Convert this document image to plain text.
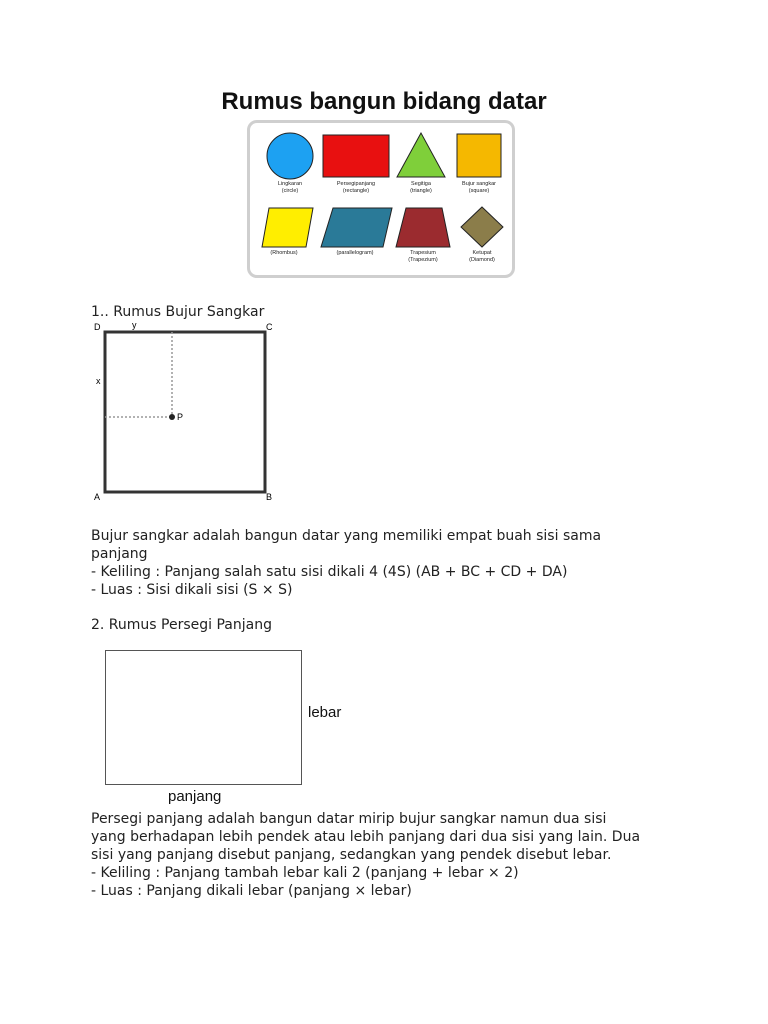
Rumus bangun bidang datar
Lingkaran
(circle)
Persegipanjang
(rectangle)
Segitiga
(triangle)
Bujur sangkar
(square)
(Rhombus)	(parallelogram)	Trapesium
(Trapezium)
Ketupat
(Diamond)
1.. Rumus Bujur Sangkar
D	C
A	B
y
x
P
Bujur sangkar adalah bangun datar yang memiliki empat buah sisi sama
panjang
- Keliling : Panjang salah satu sisi dikali 4 (4S) (AB + BC + CD + DA)
- Luas : Sisi dikali sisi (S × S)
2. Rumus Persegi Panjang
lebar
panjang
Persegi panjang adalah bangun datar mirip bujur sangkar namun dua sisi
yang berhadapan lebih pendek atau lebih panjang dari dua sisi yang lain. Dua
sisi yang panjang disebut panjang, sedangkan yang pendek disebut lebar.
- Keliling : Panjang tambah lebar kali 2 (panjang + lebar × 2)
- Luas : Panjang dikali lebar (panjang × lebar)
